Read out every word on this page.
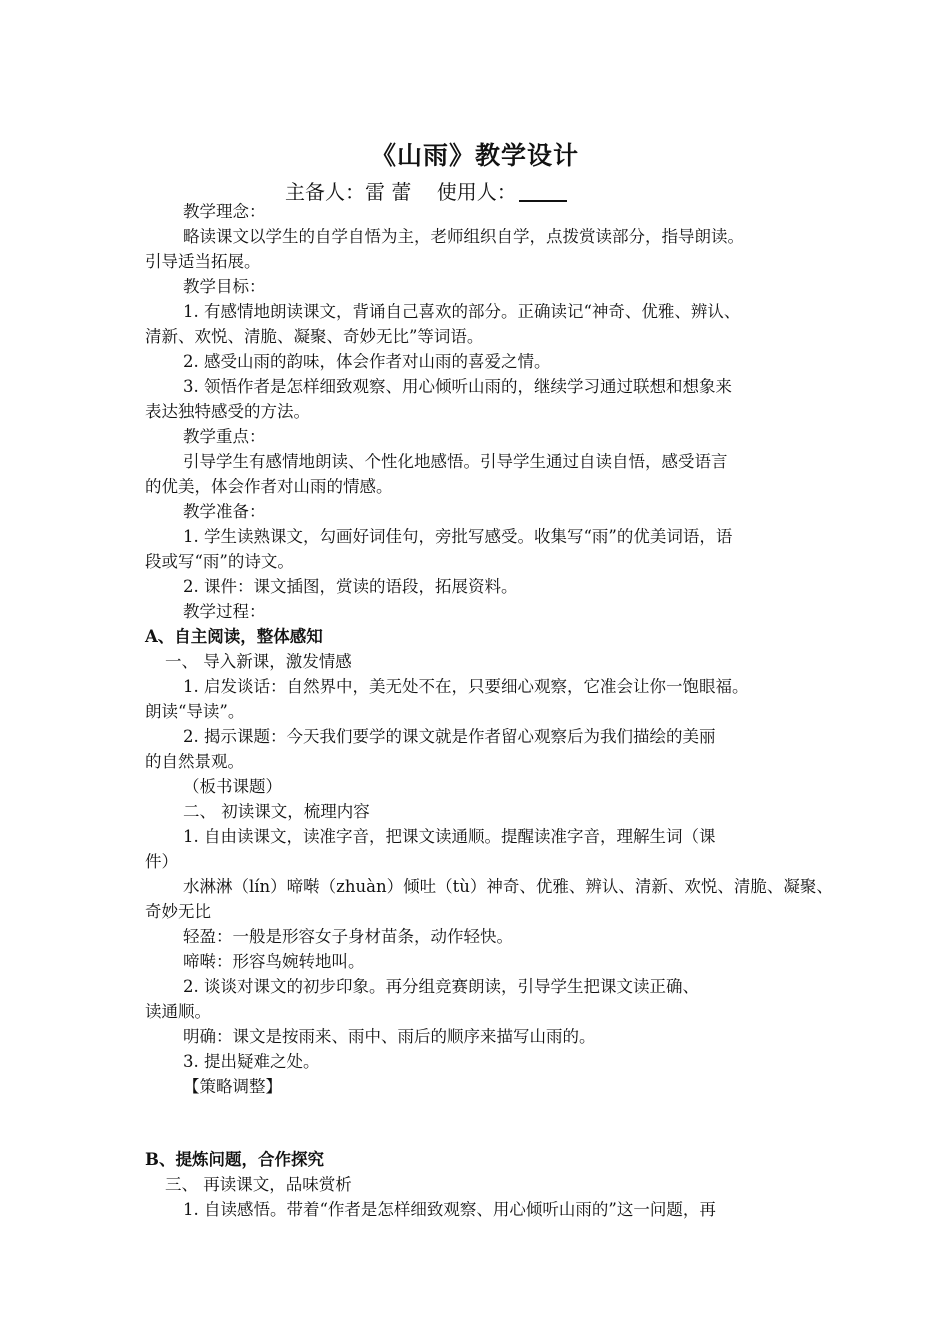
《山雨》教学设计
主备人：雷 蕾 使用人：
教学理念：
略读课文以学生的自学自悟为主，老师组织自学，点拨赏读部分，指导朗读。
引导适当拓展。
教学目标：
1. 有感情地朗读课文，背诵自己喜欢的部分。正确读记“神奇、优雅、辨认、
清新、欢悦、清脆、凝聚、奇妙无比”等词语。
2. 感受山雨的韵味，体会作者对山雨的喜爱之情。
3. 领悟作者是怎样细致观察、用心倾听山雨的，继续学习通过联想和想象来
表达独特感受的方法。
教学重点：
引导学生有感情地朗读、个性化地感悟。引导学生通过自读自悟，感受语言
的优美，体会作者对山雨的情感。
教学准备：
1. 学生读熟课文，勾画好词佳句，旁批写感受。收集写“雨”的优美词语，语
段或写“雨”的诗文。
2. 课件：课文插图，赏读的语段，拓展资料。
教学过程：
A、自主阅读，整体感知
一、 导入新课，激发情感
1. 启发谈话：自然界中，美无处不在，只要细心观察，它准会让你一饱眼福。
朗读“导读”。
2. 揭示课题：今天我们要学的课文就是作者留心观察后为我们描绘的美丽
的自然景观。
（板书课题）
二、 初读课文，梳理内容
1. 自由读课文，读准字音，把课文读通顺。提醒读准字音，理解生词（课
件）
水淋淋（lín）啼啭（zhuàn）倾吐（tù）神奇、优雅、辨认、清新、欢悦、清脆、凝聚、
奇妙无比
轻盈：一般是形容女子身材苗条，动作轻快。
啼啭：形容鸟婉转地叫。
2. 谈谈对课文的初步印象。再分组竞赛朗读，引导学生把课文读正确、
读通顺。
明确：课文是按雨来、雨中、雨后的顺序来描写山雨的。
3. 提出疑难之处。
【策略调整】
B、提炼问题，合作探究
三、 再读课文，品味赏析
1. 自读感悟。带着“作者是怎样细致观察、用心倾听山雨的”这一问题，再
